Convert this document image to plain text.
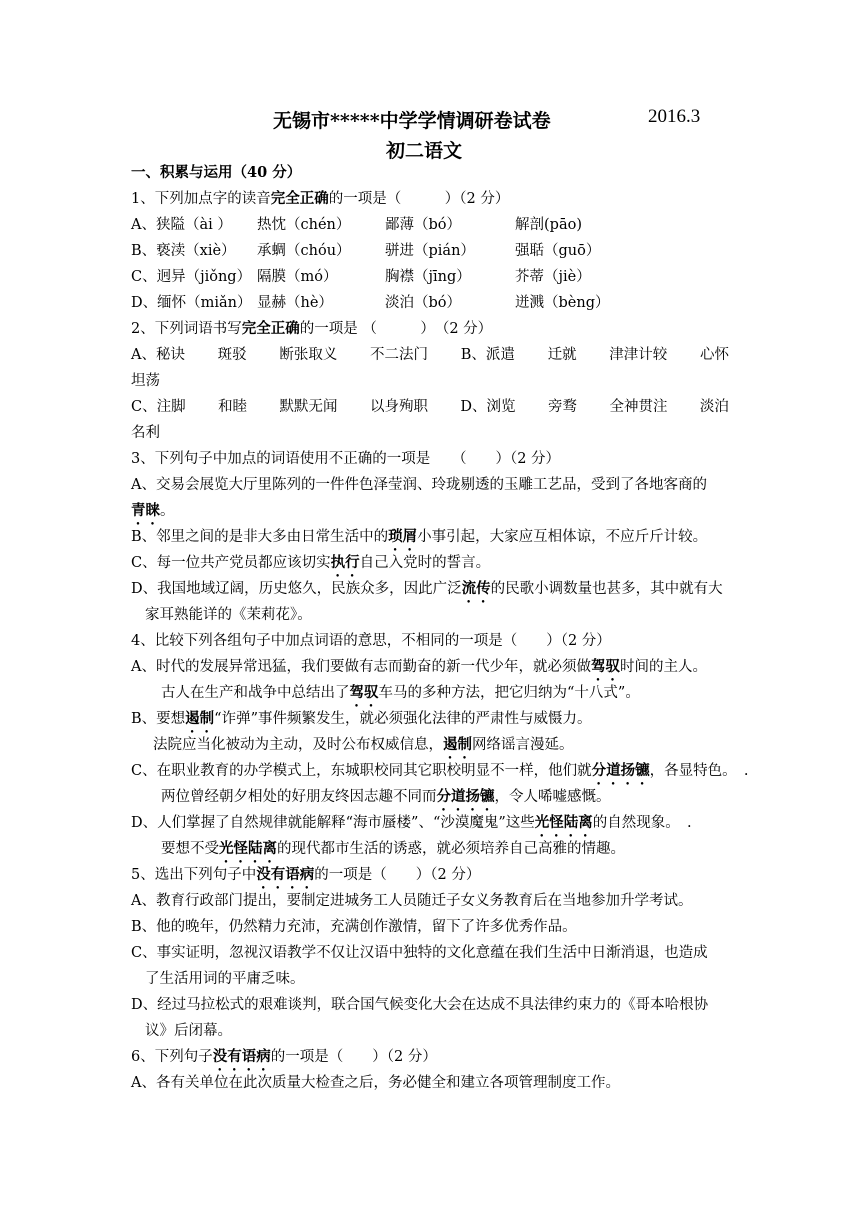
无锡市*****中学学情调研卷试卷	2016.3
初二语文
一、积累与运用（40 分）
1、下列加点字的读音完全正确的一项是（　　　）（2 分）
A、狭隘（ài ）	热忱（chén）	鄙薄（bó）	解剖(pāo)
B、亵渎（xiè）	承蜩（chóu）	骈进（pián）	强聒（guō）
C、迥异（jiǒng） 隔膜（mó）	胸襟（jīng）	芥蒂（jiè）
D、缅怀（miǎn） 显赫（hè）	淡泊（bó）	迸溅（bèng）
2、下列词语书写完全正确的一项是 （　　　）　（2 分）
A、秘诀 斑驳 断张取义 不二法门 B、派遣 迁就 津津计较 心怀
坦荡
C、注脚 和睦 默默无闻 以身殉职 D、浏览 旁骛 全神贯注 淡泊
名利
3、下列句子中加点的词语使用不正确的一项是　　（　　）（2 分）
A、交易会展览大厅里陈列的一件件色泽莹润、玲珑剔透的玉雕工艺品，受到了各地客商的
青睐。
B、邻里之间的是非大多由日常生活中的琐屑小事引起，大家应互相体谅，不应斤斤计较。
C、每一位共产党员都应该切实执行自己入党时的誓言。
D、我国地域辽阔，历史悠久，民族众多，因此广泛流传的民歌小调数量也甚多，其中就有大
家耳熟能详的《茉莉花》。
4、比较下列各组句子中加点词语的意思，不相同的一项是（　　）（2 分）
A、时代的发展异常迅猛，我们要做有志而勤奋的新一代少年，就必须做驾驭时间的主人。
古人在生产和战争中总结出了驾驭车马的多种方法，把它归纳为“十八式”。
B、要想遏制“诈弹”事件频繁发生，就必须强化法律的严肃性与威慑力。
法院应当化被动为主动，及时公布权威信息，遏制网络谣言漫延。
C、在职业教育的办学模式上，东城职校同其它职校明显不一样，他们就分道扬镳，各显特色。　.
两位曾经朝夕相处的好朋友终因志趣不同而分道扬镳，令人唏嘘感慨。
D、人们掌握了自然规律就能解释“海市蜃楼”、“沙漠魔鬼”这些光怪陆离的自然现象。　.
要想不受光怪陆离的现代都市生活的诱惑，就必须培养自己高雅的情趣。
5、选出下列句子中没有语病的一项是（　　）（2 分）
A、教育行政部门提出，要制定进城务工人员随迁子女义务教育后在当地参加升学考试。
B、他的晚年，仍然精力充沛，充满创作激情，留下了许多优秀作品。
C、事实证明，忽视汉语教学不仅让汉语中独特的文化意蕴在我们生活中日渐消退，也造成
了生活用词的平庸乏味。
D、经过马拉松式的艰难谈判，联合国气候变化大会在达成不具法律约束力的《哥本哈根协
议》后闭幕。
6、下列句子没有语病的一项是（　　）（2 分）
A、各有关单位在此次质量大检查之后，务必健全和建立各项管理制度工作。
